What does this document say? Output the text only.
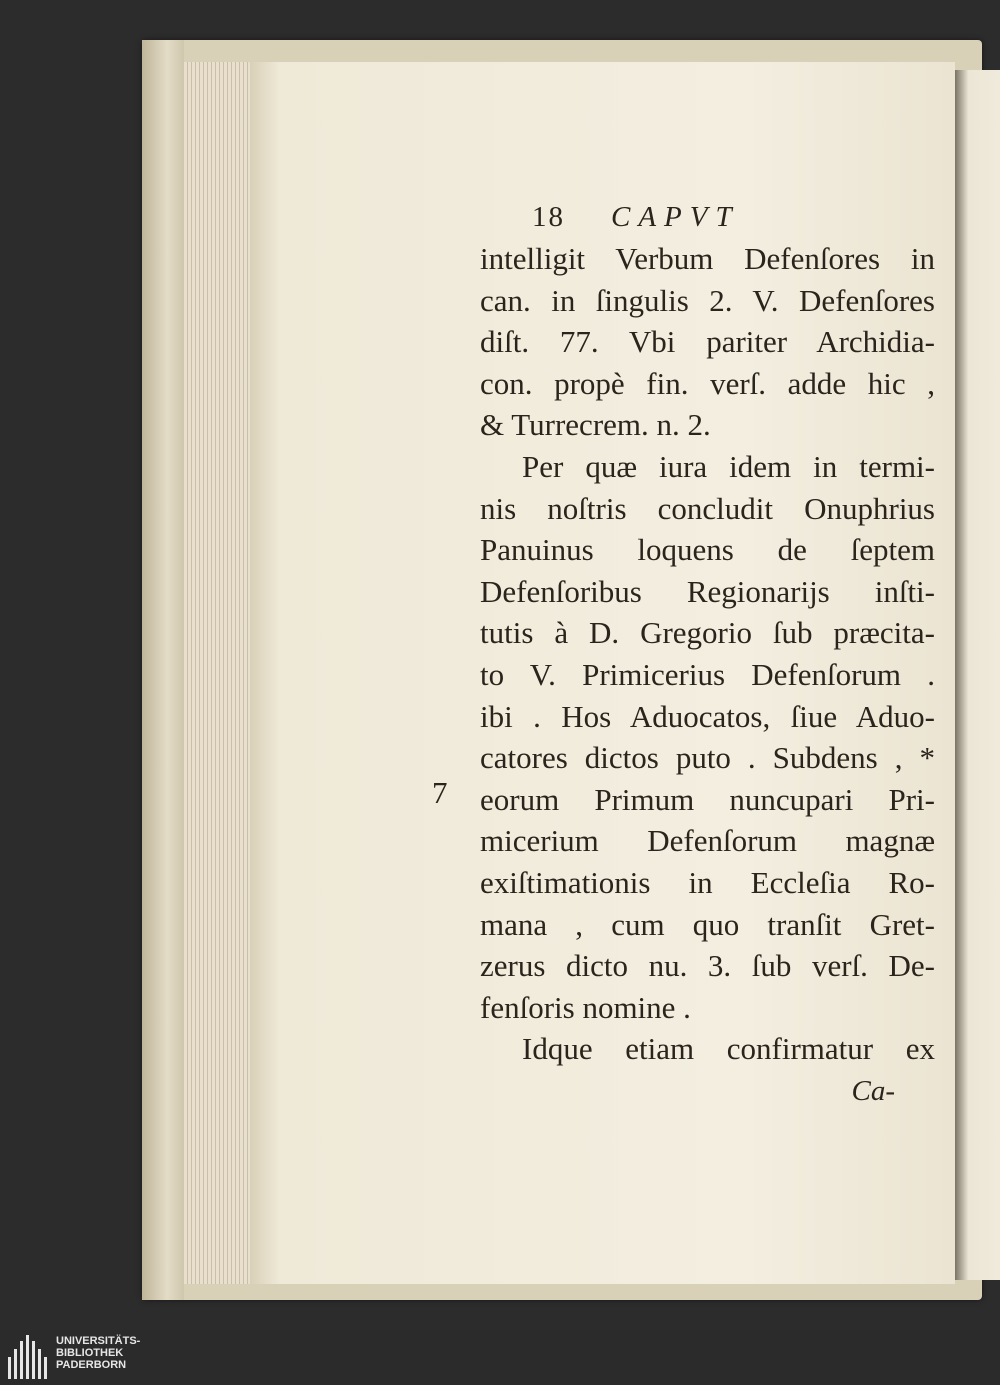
18 CAPVT
intelligit Verbum Defenſores in
can. in ſingulis 2. V. Defenſores
diſt. 77. Vbi pariter Archidia-
con. propè fin. verſ. adde hic ,
& Turrecrem. n. 2.
Per quæ iura idem in termi-
nis noſtris concludit Onuphrius
Panuinus loquens de ſeptem
Defenſoribus Regionarijs inſti-
tutis à D. Gregorio ſub præcita-
to V. Primicerius Defenſorum .
ibi . Hos Aduocatos, ſiue Aduo-
catores dictos puto . Subdens , *
eorum Primum nuncupari Pri-
micerium Defenſorum magnæ
exiſtimationis in Eccleſia Ro-
mana , cum quo tranſit Gret-
zerus dicto nu. 3. ſub verſ. De-
fenſoris nomine .
Idque etiam confirmatur ex
Ca-
7
UNIVERSITÄTS-
BIBLIOTHEK
PADERBORN
